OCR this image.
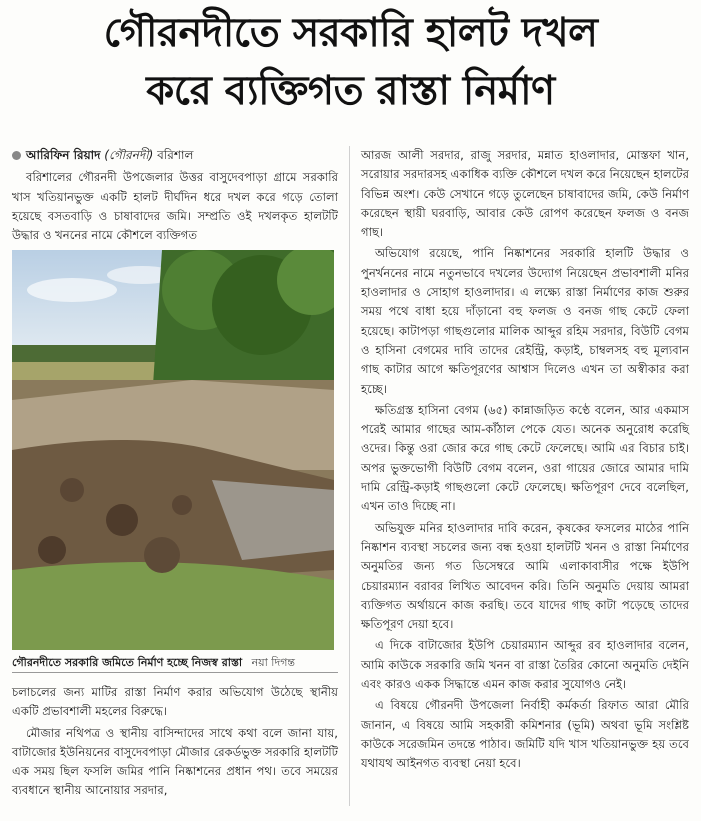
গৌরনদীতে সরকারি হালট দখল
করে ব্যক্তিগত রাস্তা নির্মাণ
আরিফিন রিয়াদ (গৌরনদী) বরিশাল

বরিশালের গৌরনদী উপজেলার উত্তর বাসুদেবপাড়া গ্রামে সরকারি খাস খতিয়ানভুক্ত একটি হালট দীর্ঘদিন ধরে দখল করে গড়ে তোলা হয়েছে বসতবাড়ি ও চাষাবাদের জমি। সম্প্রতি ওই দখলকৃত হালটটি উদ্ধার ও খননের নামে কৌশলে ব্যক্তিগত

গৌরনদীতে সরকারি জমিতে নির্মাণ হচ্ছে নিজস্ব রাস্তা নয়া দিগন্ত

চলাচলের জন্য মাটির রাস্তা নির্মাণ করার অভিযোগ উঠেছে স্থানীয় একটি প্রভাবশালী মহলের বিরুদ্ধে।

মৌজার নথিপত্র ও স্থানীয় বাসিন্দাদের সাথে কথা বলে জানা যায়, বাটাজোর ইউনিয়নের বাসুদেবপাড়া মৌজার রেকর্ডভুক্ত সরকারি হালটটি এক সময় ছিল ফসলি জমির পানি নিষ্কাশনের প্রধান পথ। তবে সময়ের ব্যবধানে স্থানীয় আনোয়ার সরদার,

আরজ আলী সরদার, রাজু সরদার, মন্নাত হাওলাদার, মোস্তফা খান, সরোয়ার সরদারসহ একাধিক ব্যক্তি কৌশলে দখল করে নিয়েছেন হালটের বিভিন্ন অংশ। কেউ সেখানে গড়ে তুলেছেন চাষাবাদের জমি, কেউ নির্মাণ করেছেন স্থায়ী ঘরবাড়ি, আবার কেউ রোপণ করেছেন ফলজ ও বনজ গাছ।

অভিযোগ রয়েছে, পানি নিষ্কাশনের সরকারি হালটি উদ্ধার ও পুনর্খননের নামে নতুনভাবে দখলের উদ্যোগ নিয়েছেন প্রভাবশালী মনির হাওলাদার ও সোহাগ হাওলাদার। এ লক্ষ্যে রাস্তা নির্মাণের কাজ শুরুর সময় পথে বাধা হয়ে দাঁড়ানো বহু ফলজ ও বনজ গাছ কেটে ফেলা হয়েছে। কাটাপড়া গাছগুলোর মালিক আব্দুর রহিম সরদার, বিউটি বেগম ও হাসিনা বেগমের দাবি তাদের রেইন্ট্রি, কড়াই, চাম্বলসহ বহু মূল্যবান গাছ কাটার আগে ক্ষতিপূরণের আশ্বাস দিলেও এখন তা অস্বীকার করা হচ্ছে।

ক্ষতিগ্রস্ত হাসিনা বেগম (৬৫) কান্নাজড়িত কণ্ঠে বলেন, আর একমাস পরেই আমার গাছের আম-কাঁঠাল পেকে যেত। অনেক অনুরোধ করেছি ওদের। কিন্তু ওরা জোর করে গাছ কেটে ফেলেছে। আমি এর বিচার চাই। অপর ভুক্তভোগী বিউটি বেগম বলেন, ওরা গায়ের জোরে আমার দামি দামি রেন্ট্রি-কড়াই গাছগুলো কেটে ফেলেছে। ক্ষতিপূরণ দেবে বলেছিল, এখন তাও দিচ্ছে না।

অভিযুক্ত মনির হাওলাদার দাবি করেন, কৃষকের ফসলের মাঠের পানি নিষ্কাশন ব্যবস্থা সচলের জন্য বন্ধ হওয়া হালটটি খনন ও রাস্তা নির্মাণের অনুমতির জন্য গত ডিসেম্বরে আমি এলাকাবাসীর পক্ষে ইউপি চেয়ারম্যান বরাবর লিখিত আবেদন করি। তিনি অনুমতি দেয়ায় আমরা ব্যক্তিগত অর্থায়নে কাজ করছি। তবে যাদের গাছ কাটা পড়েছে তাদের ক্ষতিপূরণ দেয়া হবে।

এ দিকে বাটাজোর ইউপি চেয়ারম্যান আব্দুর রব হাওলাদার বলেন, আমি কাউকে সরকারি জমি খনন বা রাস্তা তৈরির কোনো অনুমতি দেইনি এবং কারও একক সিদ্ধান্তে এমন কাজ করার সুযোগও নেই।

এ বিষয়ে গৌরনদী উপজেলা নির্বাহী কর্মকর্তা রিফাত আরা মৌরি জানান, এ বিষয়ে আমি সহকারী কমিশনার (ভূমি) অথবা ভূমি সংশ্লিষ্ট কাউকে সরেজমিন তদন্তে পাঠাব। জমিটি যদি খাস খতিয়ানভুক্ত হয় তবে যথাযথ আইনগত ব্যবস্থা নেয়া হবে।
